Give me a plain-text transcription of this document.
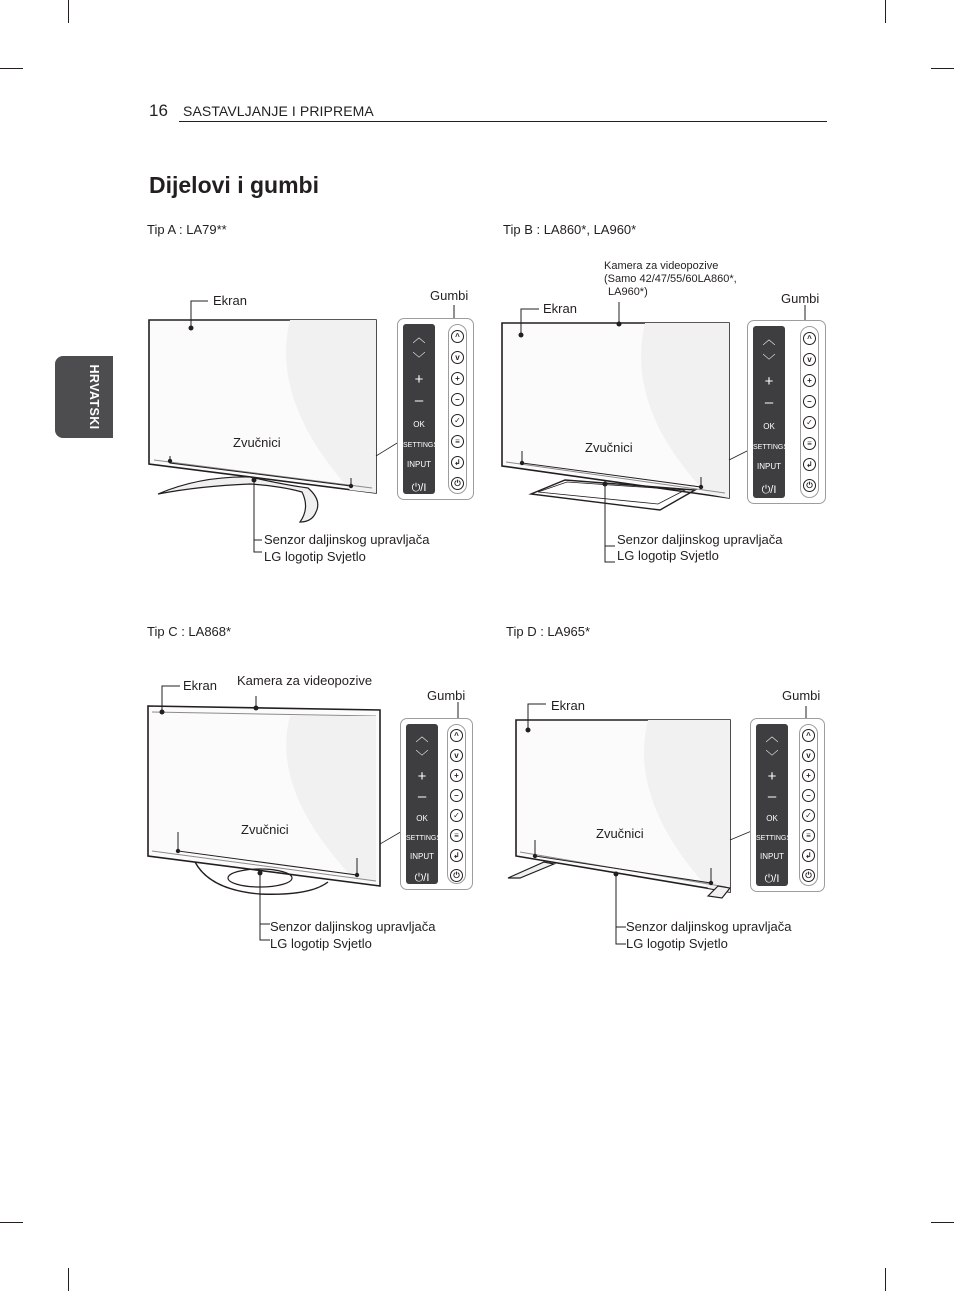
16 SASTAVLJANJE I PRIPREMA
Dijelovi i gumbi
HRVATSKI
Tip A : LA79**
Ekran	Gumbi
Zvučnici
Senzor daljinskog upravljača
LG logotip Svjetlo
︿
﹀
+
–
OK
SETTINGS
INPUT
⏻/I
^
v
+
–
✓
≡
↲
⏻
Tip B : LA860*, LA960*
Kamera za videopozive
(Samo 42/47/55/60LA860*,
LA960*)
Ekran
Gumbi
Zvučnici
Senzor daljinskog upravljača
LG logotip Svjetlo
︿
﹀
+
–
OK
SETTINGS
INPUT
⏻/I
^
v
+
–
✓
≡
↲
⏻
Tip C : LA868*
Ekran Kamera za videopozive
Gumbi
Zvučnici
Senzor daljinskog upravljača
LG logotip Svjetlo
︿
﹀
+
–
OK
SETTINGS
INPUT
⏻/I
^
v
+
–
✓
≡
↲
⏻
Tip D : LA965*
Ekran
Gumbi
Zvučnici
Senzor daljinskog upravljača
LG logotip Svjetlo
︿
﹀
+
–
OK
SETTINGS
INPUT
⏻/I
^
v
+
–
✓
≡
↲
⏻
